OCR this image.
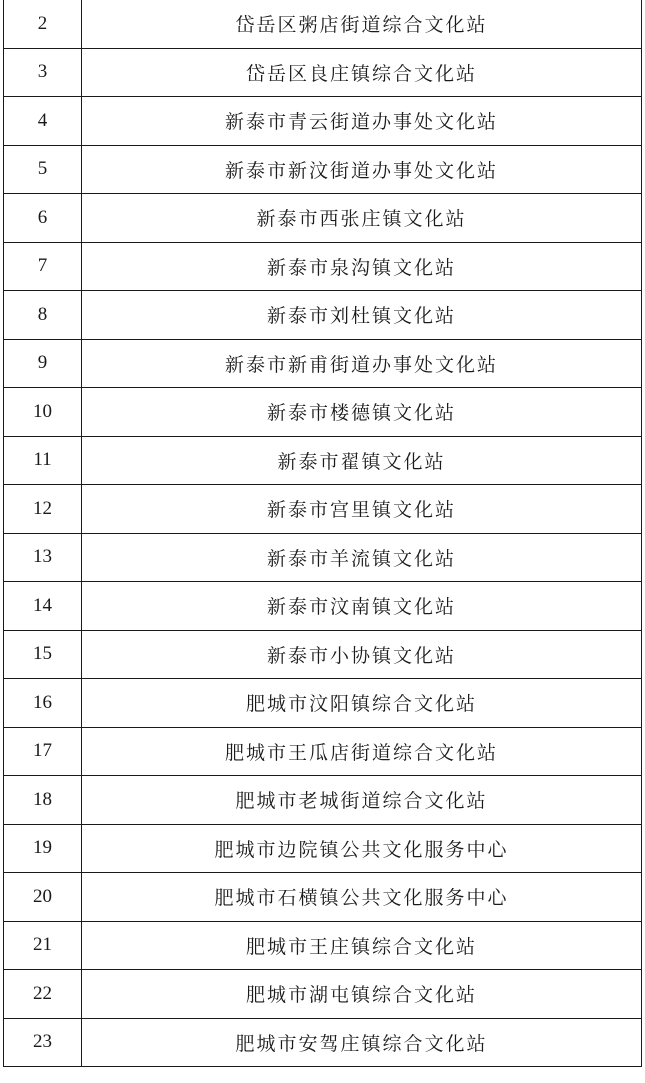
2	岱岳区粥店街道综合文化站
3	岱岳区良庄镇综合文化站
4	新泰市青云街道办事处文化站
5	新泰市新汶街道办事处文化站
6	新泰市西张庄镇文化站
7	新泰市泉沟镇文化站
8	新泰市刘杜镇文化站
9	新泰市新甫街道办事处文化站
10	新泰市楼德镇文化站
11	新泰市翟镇文化站
12	新泰市宫里镇文化站
13	新泰市羊流镇文化站
14	新泰市汶南镇文化站
15	新泰市小协镇文化站
16	肥城市汶阳镇综合文化站
17	肥城市王瓜店街道综合文化站
18	肥城市老城街道综合文化站
19	肥城市边院镇公共文化服务中心
20	肥城市石横镇公共文化服务中心
21	肥城市王庄镇综合文化站
22	肥城市湖屯镇综合文化站
23	肥城市安驾庄镇综合文化站
